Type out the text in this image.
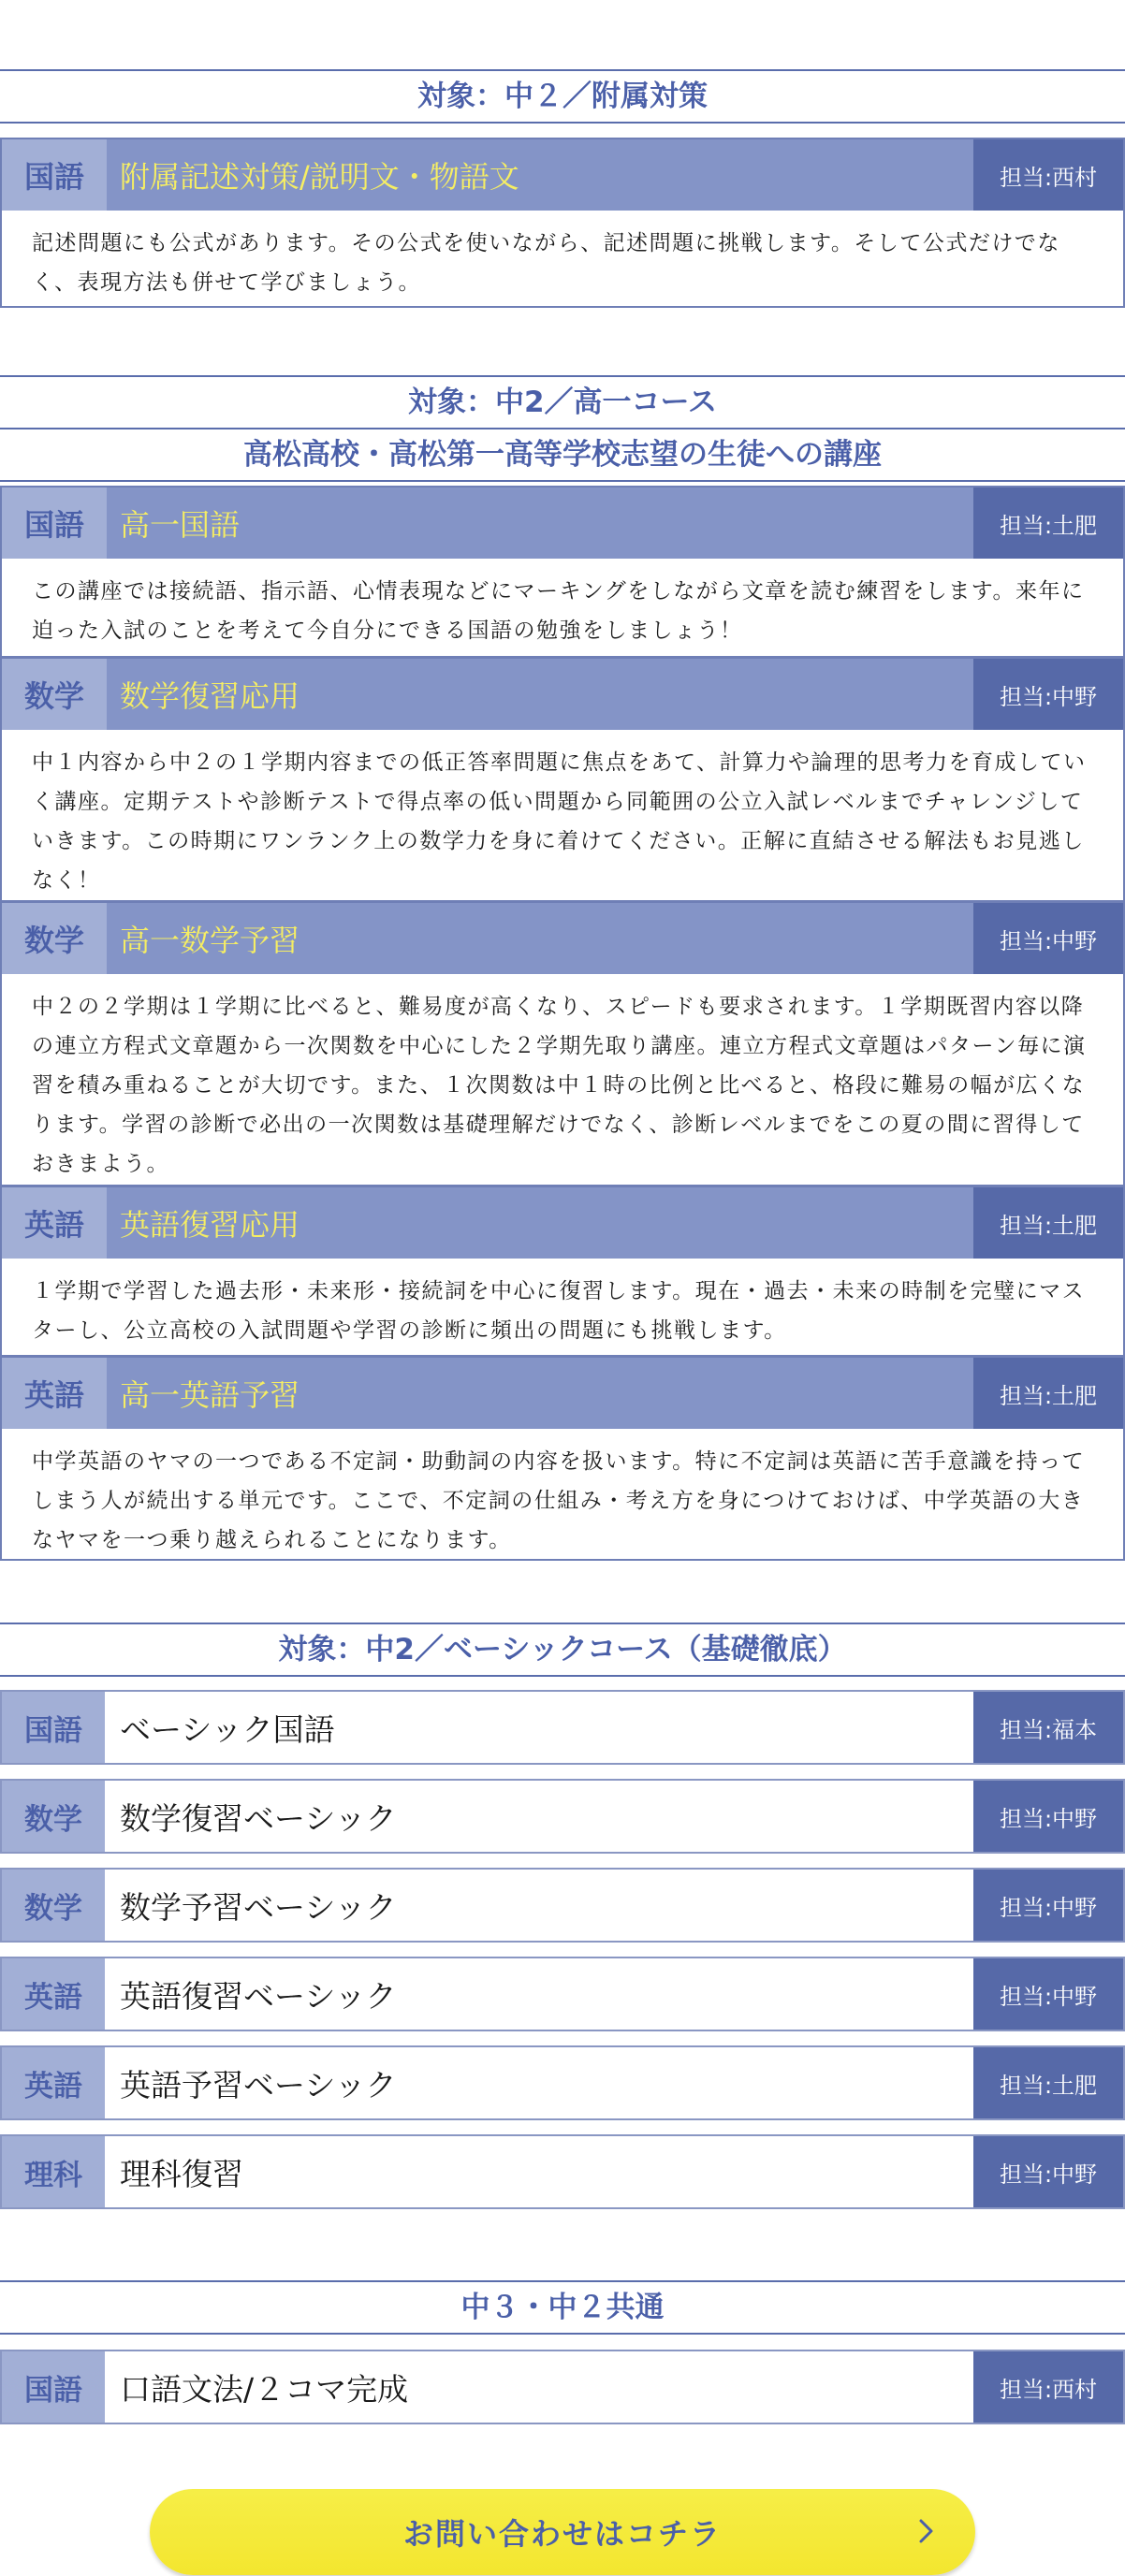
対象：中２／附属対策
国語	附属記述対策/説明文・物語文	担当:西村
記述問題にも公式があります。その公式を使いながら、記述問題に挑戦します。そして公式だけでなく、表現方法も併せて学びましょう。
対象：中2／高一コース
高松高校・高松第一高等学校志望の生徒への講座
国語	高一国語	担当:土肥
この講座では接続語、指示語、心情表現などにマーキングをしながら文章を読む練習をします。来年に迫った入試のことを考えて今自分にできる国語の勉強をしましょう！
数学	数学復習応用	担当:中野
中１内容から中２の１学期内容までの低正答率問題に焦点をあて、計算力や論理的思考力を育成していく講座。定期テストや診断テストで得点率の低い問題から同範囲の公立入試レベルまでチャレンジしていきます。この時期にワンランク上の数学力を身に着けてください。正解に直結させる解法もお見逃しなく！
数学	高一数学予習	担当:中野
中２の２学期は１学期に比べると、難易度が高くなり、スピードも要求されます。１学期既習内容以降の連立方程式文章題から一次関数を中心にした２学期先取り講座。連立方程式文章題はパターン毎に演習を積み重ねることが大切です。また、１次関数は中１時の比例と比べると、格段に難易の幅が広くなります。学習の診断で必出の一次関数は基礎理解だけでなく、診断レベルまでをこの夏の間に習得しておきまよう。
英語	英語復習応用	担当:土肥
１学期で学習した過去形・未来形・接続詞を中心に復習します。現在・過去・未来の時制を完璧にマスターし、公立高校の入試問題や学習の診断に頻出の問題にも挑戦します。
英語	高一英語予習	担当:土肥
中学英語のヤマの一つである不定詞・助動詞の内容を扱います。特に不定詞は英語に苦手意識を持ってしまう人が続出する単元です。ここで、不定詞の仕組み・考え方を身につけておけば、中学英語の大きなヤマを一つ乗り越えられることになります。
対象：中2／ベーシックコース（基礎徹底）
国語	ベーシック国語	担当:福本
数学	数学復習ベーシック	担当:中野
数学	数学予習ベーシック	担当:中野
英語	英語復習ベーシック	担当:中野
英語	英語予習ベーシック	担当:土肥
理科	理科復習	担当:中野
中３・中２共通
国語	口語文法/２コマ完成	担当:西村
お問い合わせはコチラ
